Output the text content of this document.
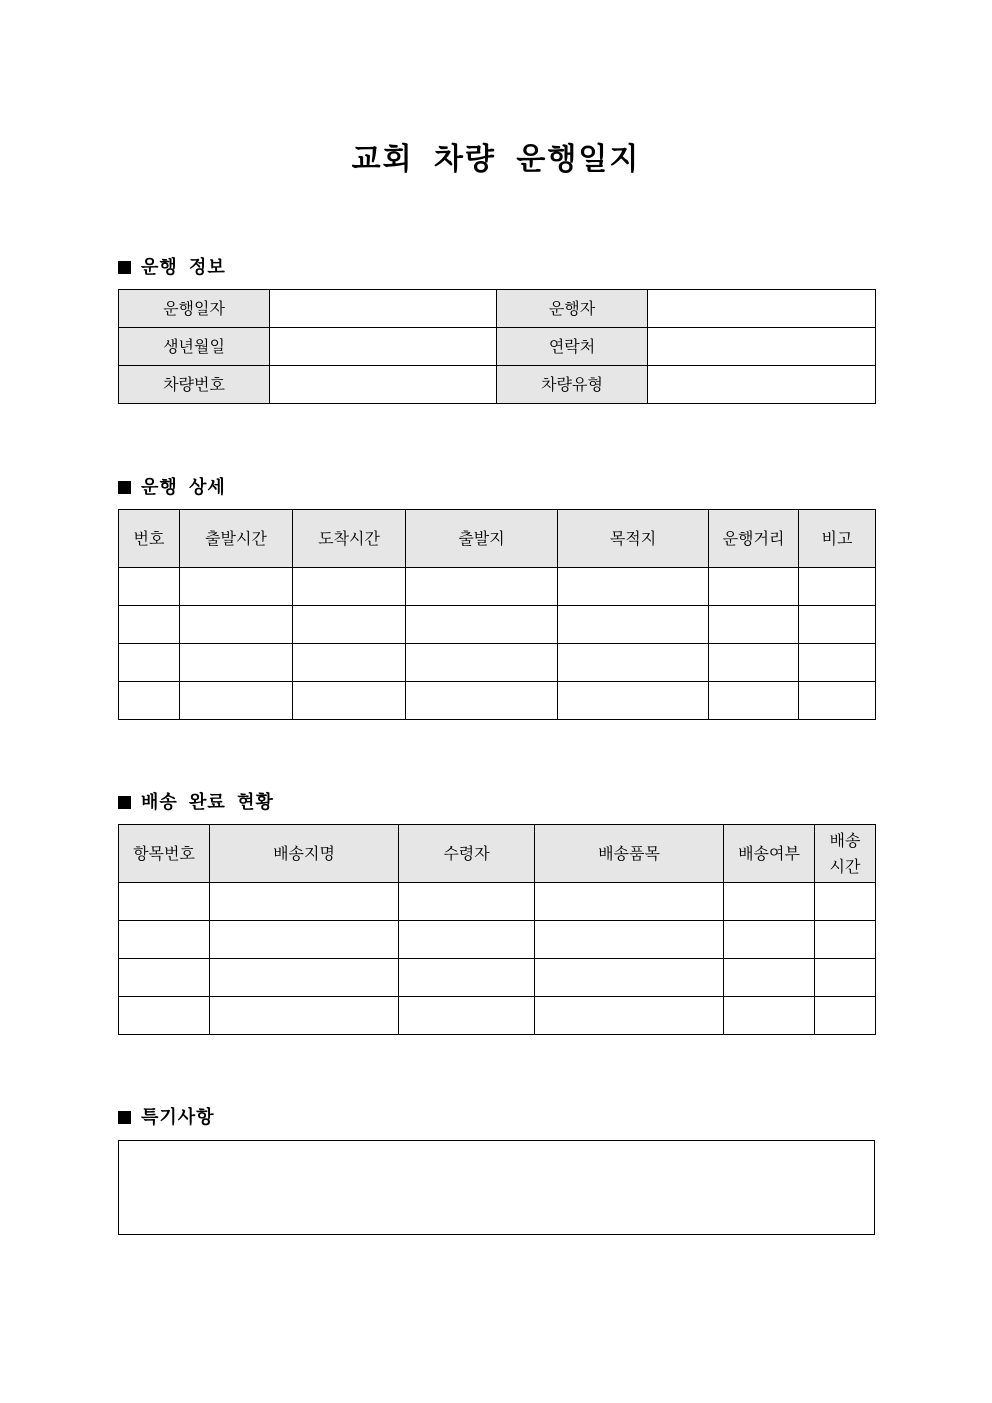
교회 차량 운행일지
운행 정보
운행일자		운행자	
생년월일		연락처	
차량번호		차량유형	
운행 상세
번호	출발시간	도착시간	출발지	목적지	운행거리	비고

배송 완료 현황
항목번호	배송지명	수령자	배송품목	배송여부	배송
시간

특기사항
